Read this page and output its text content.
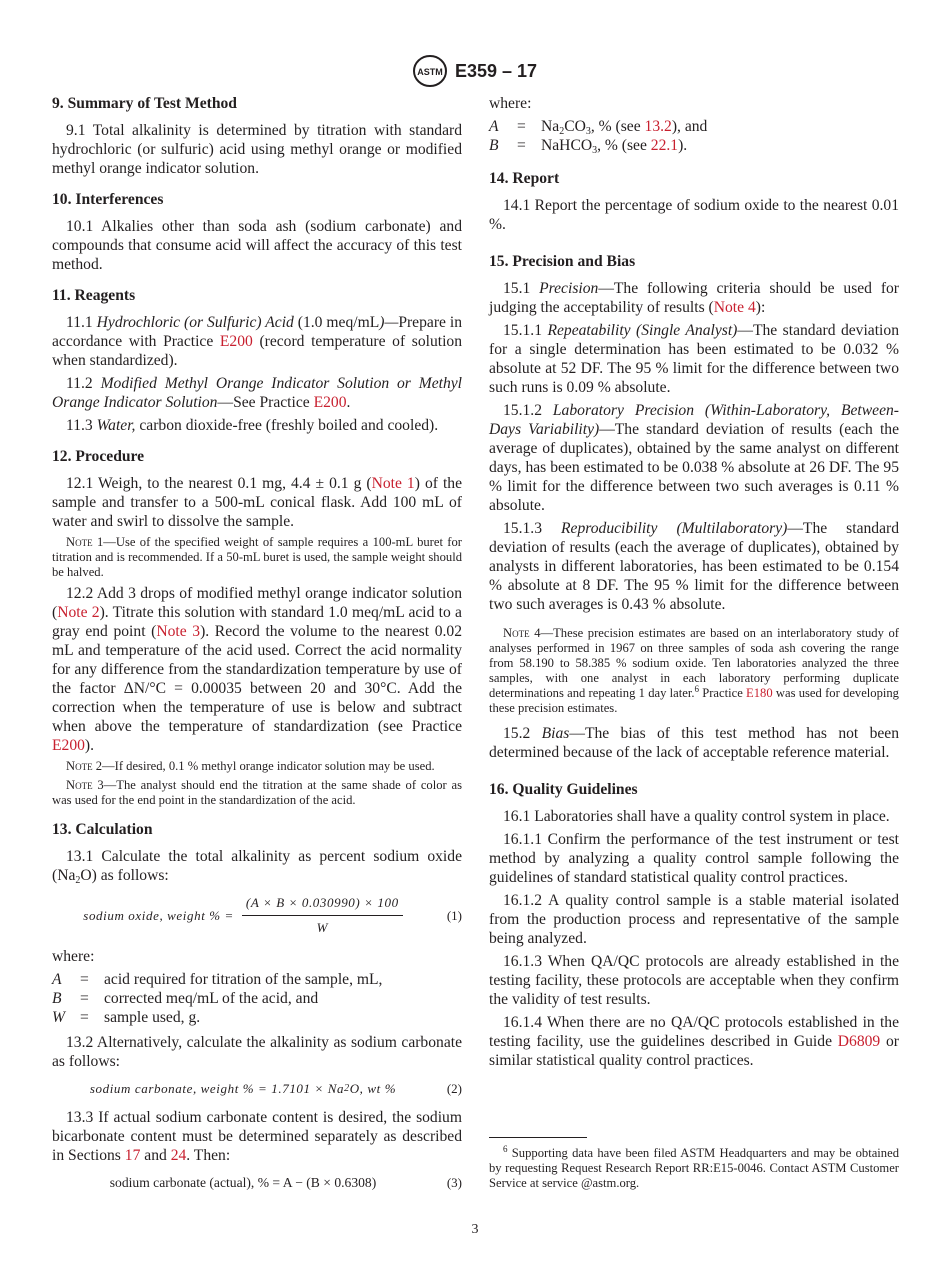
ASTM E359 – 17
9. Summary of Test Method

9.1 Total alkalinity is determined by titration with standard hydrochloric (or sulfuric) acid using methyl orange or modified methyl orange indicator solution.

10. Interferences

10.1 Alkalies other than soda ash (sodium carbonate) and compounds that consume acid will affect the accuracy of this test method.

11. Reagents

11.1 Hydrochloric (or Sulfuric) Acid (1.0 meq/mL)—Prepare in accordance with Practice E200 (record temperature of solution when standardized).

11.2 Modified Methyl Orange Indicator Solution or Methyl Orange Indicator Solution—See Practice E200.

11.3 Water, carbon dioxide-free (freshly boiled and cooled).

12. Procedure

12.1 Weigh, to the nearest 0.1 mg, 4.4 ± 0.1 g (Note 1) of the sample and transfer to a 500-mL conical flask. Add 100 mL of water and swirl to dissolve the sample.

Note 1—Use of the specified weight of sample requires a 100-mL buret for titration and is recommended. If a 50-mL buret is used, the sample weight should be halved.

12.2 Add 3 drops of modified methyl orange indicator solution (Note 2). Titrate this solution with standard 1.0 meq/mL acid to a gray end point (Note 3). Record the volume to the nearest 0.02 mL and temperature of the acid used. Correct the acid normality for any difference from the standardization temperature by use of the factor ΔN/°C = 0.00035 between 20 and 30°C. Add the correction when the temperature of use is below and subtract when above the temperature of standardization (see Practice E200).

Note 2—If desired, 0.1 % methyl orange indicator solution may be used.
Note 3—The analyst should end the titration at the same shade of color as was used for the end point in the standardization of the acid.
13. Calculation

13.1 Calculate the total alkalinity as percent sodium oxide $(Na_2O)$ as follows:

sodium oxide, weight % = $\frac{(A \times B \times 0.030990) \times 100}{W}$	(1)

where:

A	= acid required for titration of the sample, mL,
B	= corrected meq/mL of the acid, and
W = sample used, g.

13.2 Alternatively, calculate the alkalinity as sodium carbonate as follows:

sodium carbonate, weight % = 1.7101 × Na 2 O, wt %	(2)

13.3 If actual sodium carbonate content is desired, the sodium bicarbonate content must be determined separately as described in Sections 17 and 24. Then:

sodium carbonate (actual), % = A − (B × 0.6308)	(3)

where:

A	= $Na_2CO_3$, % (see 13.2), and
B	= NaHCO$_3$, % (see 22.1).
14. Report

14.1 Report the percentage of sodium oxide to the nearest 0.01 %.

15. Precision and Bias

15.1 Precision—The following criteria should be used for judging the acceptability of results (Note 4):

15.1.1 Repeatability (Single Analyst)—The standard deviation for a single determination has been estimated to be 0.032 % absolute at 52 DF. The 95 % limit for the difference between two such runs is 0.09 % absolute.

15.1.2 Laboratory Precision (Within-Laboratory, Between-Days Variability)—The standard deviation of results (each the average of duplicates), obtained by the same analyst on different days, has been estimated to be 0.038 % absolute at 26 DF. The 95 % limit for the difference between two such averages is 0.11 % absolute.

15.1.3 Reproducibility (Multilaboratory)—The standard deviation of results (each the average of duplicates), obtained by analysts in different laboratories, has been estimated to be 0.154 % absolute at 8 DF. The 95 % limit for the difference between two such averages is 0.43 % absolute.

Note 4—These precision estimates are based on an interlaboratory study of analyses performed in 1967 on three samples of soda ash covering the range from 58.190 to 58.385 % sodium oxide. Ten laboratories analyzed the three samples, with one analyst in each laboratory performing duplicate determinations and repeating 1 day later.$^6$ Practice E180 was used for developing these precision estimates.

15.2 Bias—The bias of this test method has not been determined because of the lack of acceptable reference material.

16. Quality Guidelines

16.1 Laboratories shall have a quality control system in place.

16.1.1 Confirm the performance of the test instrument or test method by analyzing a quality control sample following the guidelines of standard statistical quality control practices.

16.1.2 A quality control sample is a stable material isolated from the production process and representative of the sample being analyzed.

16.1.3 When QA/QC protocols are already established in the testing facility, these protocols are acceptable when they confirm the validity of test results.

16.1.4 When there are no QA/QC protocols established in the testing facility, use the guidelines described in Guide D6809 or similar statistical quality control practices.

$^6$ Supporting data have been filed ASTM Headquarters and may be obtained by requesting Request Research Report RR:E15-0046. Contact ASTM Customer Service at service @astm.org.
3
